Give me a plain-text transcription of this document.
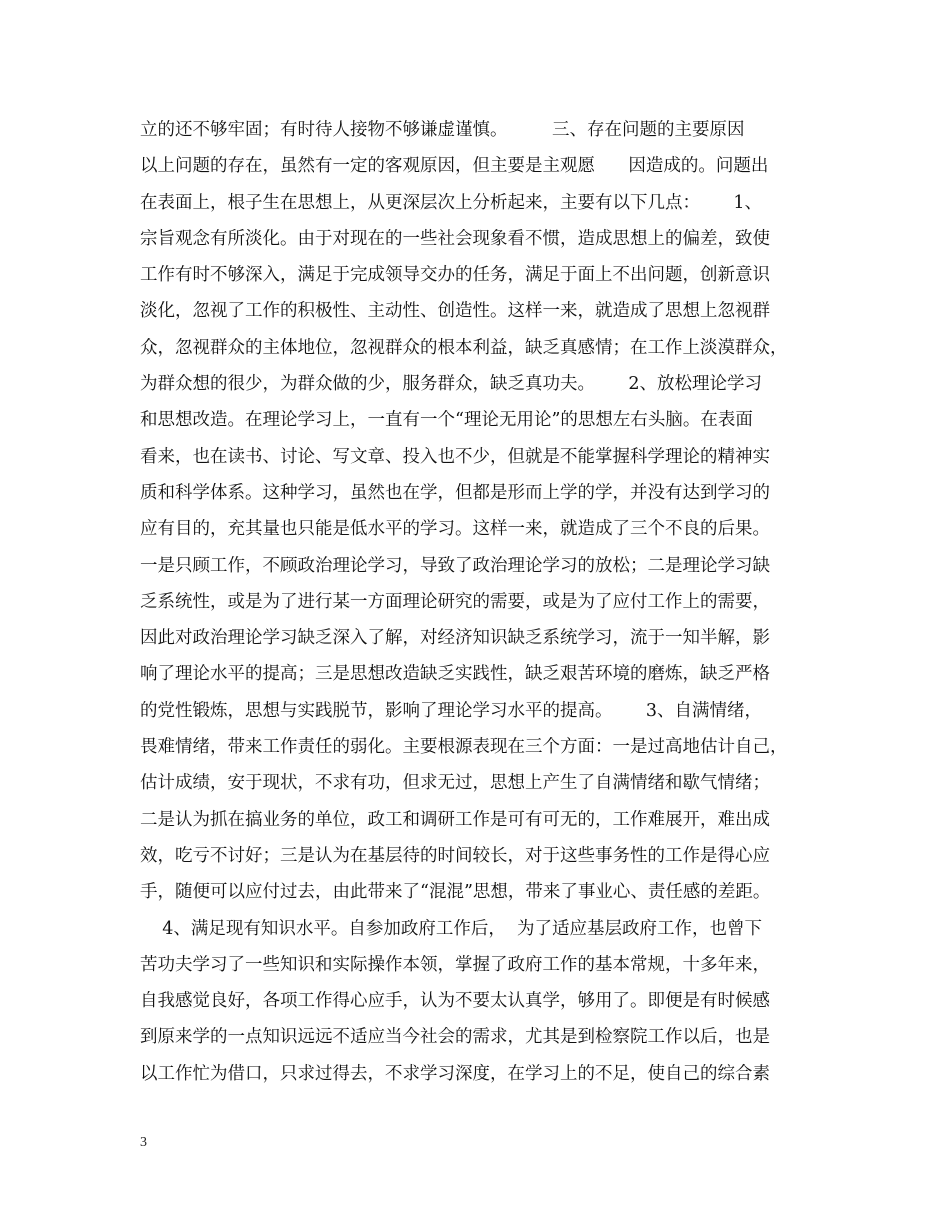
立的还不够牢固；有时待人接物不够谦虚谨慎。        三、存在问题的主要原因
以上问题的存在，虽然有一定的客观原因，但主要是主观愿      因造成的。问题出
在表面上，根子生在思想上，从更深层次上分析起来，主要有以下几点：      1、
宗旨观念有所淡化。由于对现在的一些社会现象看不惯，造成思想上的偏差，致使
工作有时不够深入，满足于完成领导交办的任务，满足于面上不出问题，创新意识
淡化，忽视了工作的积极性、主动性、创造性。这样一来，就造成了思想上忽视群
众，忽视群众的主体地位，忽视群众的根本利益，缺乏真感情；在工作上淡漠群众，
为群众想的很少，为群众做的少，服务群众，缺乏真功夫。      2、放松理论学习
和思想改造。在理论学习上，一直有一个“理论无用论”的思想左右头脑。在表面
看来，也在读书、讨论、写文章、投入也不少，但就是不能掌握科学理论的精神实
质和科学体系。这种学习，虽然也在学，但都是形而上学的学，并没有达到学习的
应有目的，充其量也只能是低水平的学习。这样一来，就造成了三个不良的后果。
一是只顾工作，不顾政治理论学习，导致了政治理论学习的放松；二是理论学习缺
乏系统性，或是为了进行某一方面理论研究的需要，或是为了应付工作上的需要，
因此对政治理论学习缺乏深入了解，对经济知识缺乏系统学习，流于一知半解，影
响了理论水平的提高；三是思想改造缺乏实践性，缺乏艰苦环境的磨炼，缺乏严格
的党性锻炼，思想与实践脱节，影响了理论学习水平的提高。      3、自满情绪，
畏难情绪，带来工作责任的弱化。主要根源表现在三个方面：一是过高地估计自己，
估计成绩，安于现状，不求有功，但求无过，思想上产生了自满情绪和歇气情绪；
二是认为抓在搞业务的单位，政工和调研工作是可有可无的，工作难展开，难出成
效，吃亏不讨好；三是认为在基层待的时间较长，对于这些事务性的工作是得心应
手，随便可以应付过去，由此带来了“混混”思想，带来了事业心、责任感的差距。
4、满足现有知识水平。自参加政府工作后，  为了适应基层政府工作，也曾下
苦功夫学习了一些知识和实际操作本领，掌握了政府工作的基本常规，十多年来，
自我感觉良好，各项工作得心应手，认为不要太认真学，够用了。即便是有时候感
到原来学的一点知识远远不适应当今社会的需求，尤其是到检察院工作以后，也是
以工作忙为借口，只求过得去，不求学习深度，在学习上的不足，使自己的综合素
3
